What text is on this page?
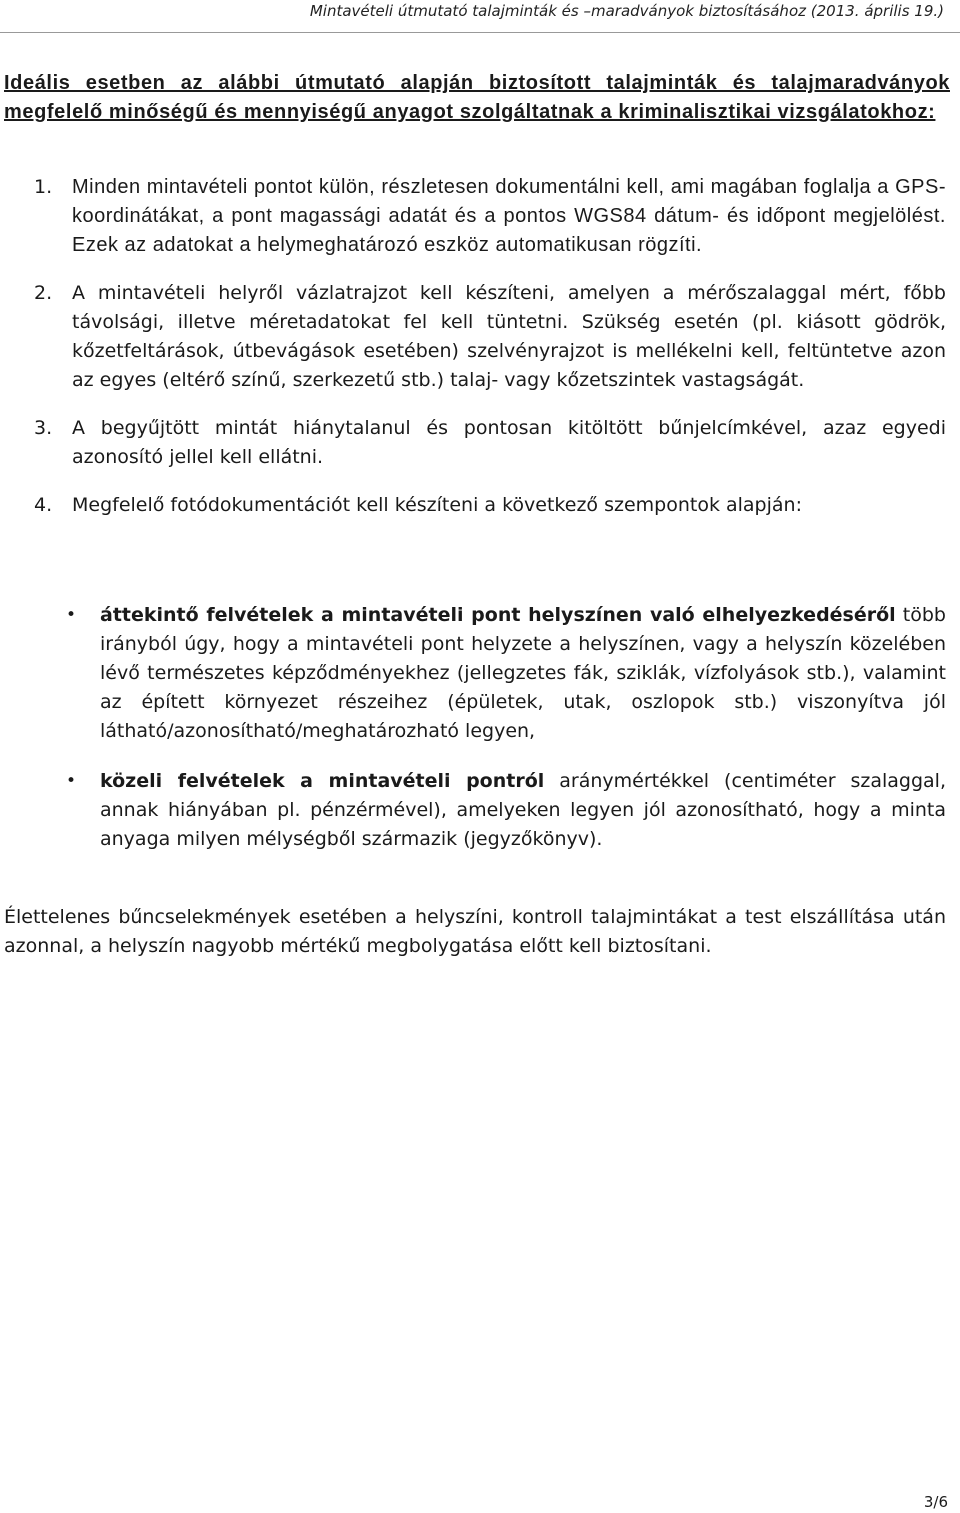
Mintavételi útmutató talajminták és –maradványok biztosításához (2013. április 19.)
Ideális esetben az alábbi útmutató alapján biztosított talajminták és talajmaradványok megfelelő minőségű és mennyiségű anyagot szolgáltatnak a kriminalisztikai vizsgálatokhoz:
1. Minden mintavételi pontot külön, részletesen dokumentálni kell, ami magában foglalja a GPS-koordinátákat, a pont magassági adatát és a pontos WGS84 dátum- és időpont megjelölést. Ezek az adatokat a helymeghatározó eszköz automatikusan rögzíti.
2.	A mintavételi helyről vázlatrajzot kell készíteni, amelyen a mérőszalaggal mért, főbb távolsági, illetve méretadatokat fel kell tüntetni. Szükség esetén (pl. kiásott gödrök, kőzetfeltárások, útbevágások esetében) szelvényrajzot is mellékelni kell, feltüntetve azon az egyes (eltérő színű, szerkezetű stb.) talaj- vagy kőzetszintek vastagságát.
3.	A begyűjtött mintát hiánytalanul és pontosan kitöltött bűnjelcímkével, azaz egyedi azonosító jellel kell ellátni.
4.	Megfelelő fotódokumentációt kell készíteni a következő szempontok alapján:
•	áttekintő felvételek a mintavételi pont helyszínen való elhelyezkedéséről több irányból úgy, hogy a mintavételi pont helyzete a helyszínen, vagy a helyszín közelében lévő természetes képződményekhez (jellegzetes fák, sziklák, vízfolyások stb.), valamint az épített környezet részeihez (épületek, utak, oszlopok stb.) viszonyítva jól látható/azonosítható/meghatározható legyen,
•	közeli felvételek a mintavételi pontról aránymértékkel (centiméter szalaggal, annak hiányában pl. pénzérmével), amelyeken legyen jól azonosítható, hogy a minta anyaga milyen mélységből származik (jegyzőkönyv).
Élettelenes bűncselekmények esetében a helyszíni, kontroll talajmintákat a test elszállítása után azonnal, a helyszín nagyobb mértékű megbolygatása előtt kell biztosítani.
3/6
